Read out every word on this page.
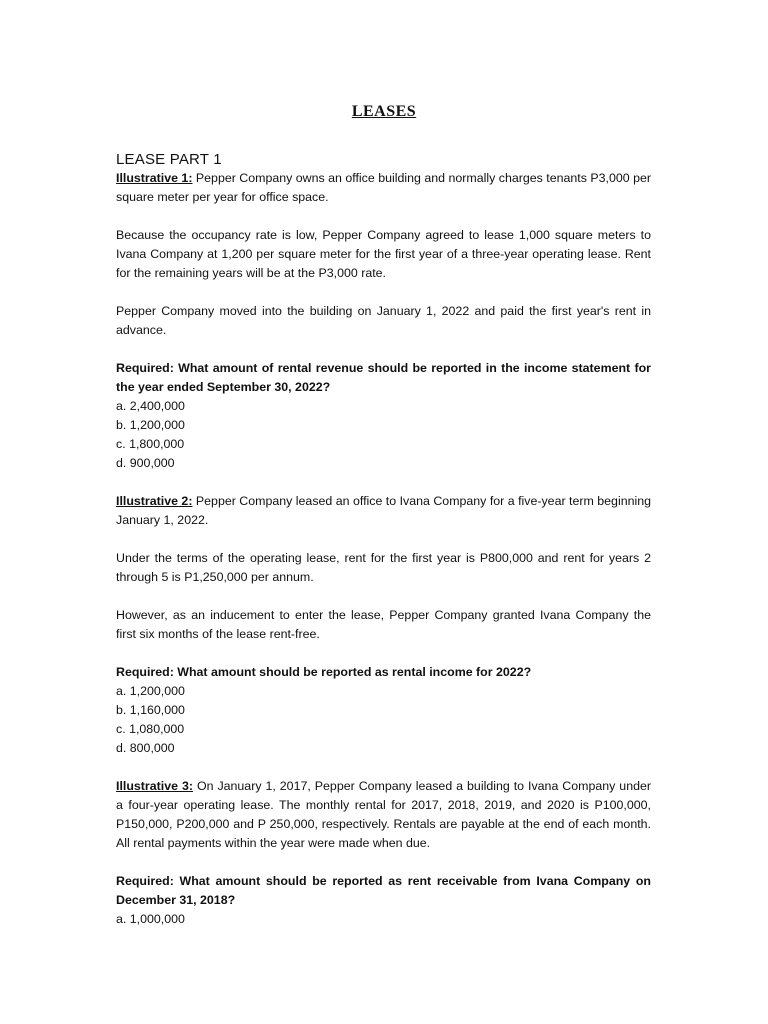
LEASES
LEASE PART 1

Illustrative 1: Pepper Company owns an office building and normally charges tenants P3,000 per square meter per year for office space.

Because the occupancy rate is low, Pepper Company agreed to lease 1,000 square meters to Ivana Company at 1,200 per square meter for the first year of a three-year operating lease. Rent for the remaining years will be at the P3,000 rate.

Pepper Company moved into the building on January 1, 2022 and paid the first year's rent in advance.

Required: What amount of rental revenue should be reported in the income statement for the year ended September 30, 2022?

a. 2,400,000
b. 1,200,000
c. 1,800,000
d. 900,000

Illustrative 2: Pepper Company leased an office to Ivana Company for a five-year term beginning January 1, 2022.

Under the terms of the operating lease, rent for the first year is P800,000 and rent for years 2 through 5 is P1,250,000 per annum.

However, as an inducement to enter the lease, Pepper Company granted Ivana Company the first six months of the lease rent-free.

Required: What amount should be reported as rental income for 2022?

a. 1,200,000
b. 1,160,000
c. 1,080,000
d. 800,000

Illustrative 3: On January 1, 2017, Pepper Company leased a building to Ivana Company under a four-year operating lease. The monthly rental for 2017, 2018, 2019, and 2020 is P100,000, P150,000, P200,000 and P 250,000, respectively. Rentals are payable at the end of each month. All rental payments within the year were made when due.

Required: What amount should be reported as rent receivable from Ivana Company on December 31, 2018?

a. 1,000,000
